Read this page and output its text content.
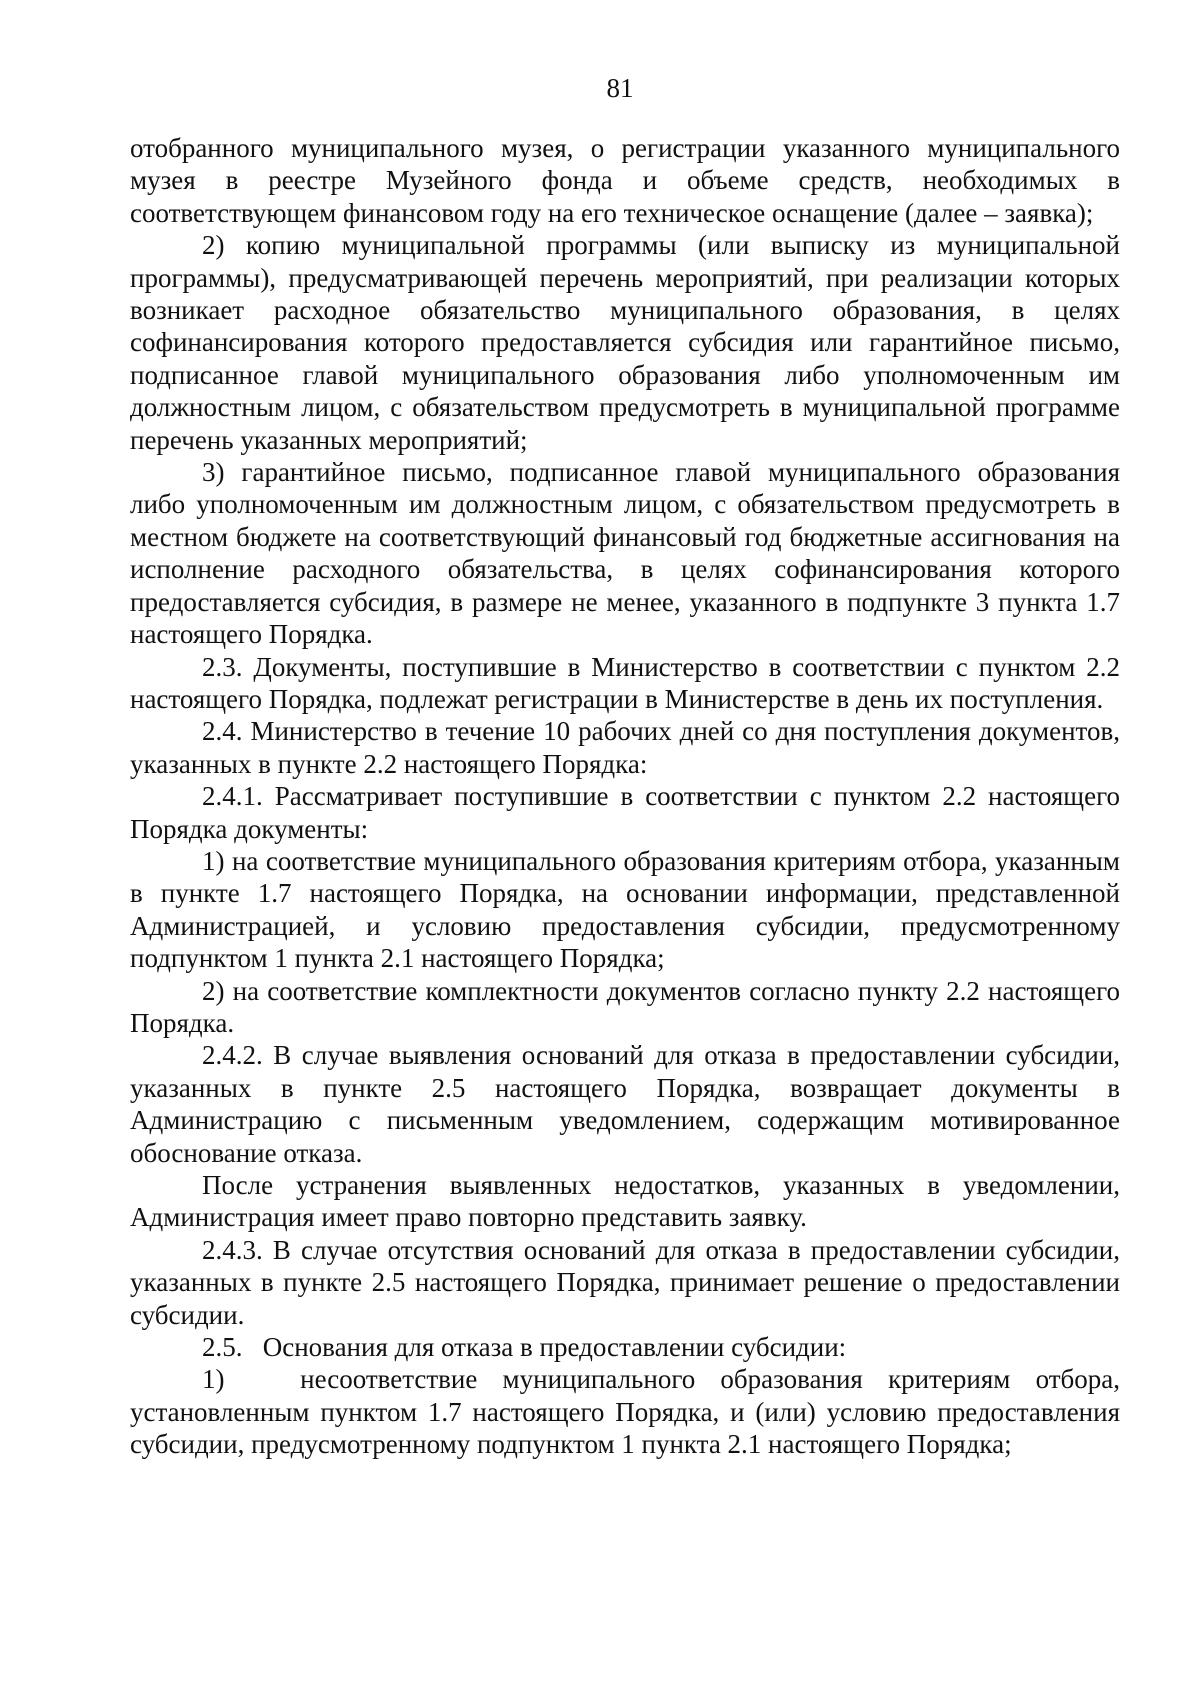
81

отобранного муниципального музея, о регистрации указанного муниципального музея в реестре Музейного фонда и объеме средств, необходимых в соответствующем финансовом году на его техническое оснащение (далее – заявка);

2) копию муниципальной программы (или выписку из муниципальной программы), предусматривающей перечень мероприятий, при реализации которых возникает расходное обязательство муниципального образования, в целях софинансирования которого предоставляется субсидия или гарантийное письмо, подписанное главой муниципального образования либо уполномоченным им должностным лицом, с обязательством предусмотреть в муниципальной программе перечень указанных мероприятий;

3) гарантийное письмо, подписанное главой муниципального образования либо уполномоченным им должностным лицом, с обязательством предусмотреть в местном бюджете на соответствующий финансовый год бюджетные ассигнования на исполнение расходного обязательства, в целях софинансирования которого предоставляется субсидия, в размере не менее, указанного в подпункте 3 пункта 1.7 настоящего Порядка.

2.3. Документы, поступившие в Министерство в соответствии с пунктом 2.2 настоящего Порядка, подлежат регистрации в Министерстве в день их поступления.

2.4. Министерство в течение 10 рабочих дней со дня поступления документов, указанных в пункте 2.2 настоящего Порядка:

2.4.1. Рассматривает поступившие в соответствии с пунктом 2.2 настоящего Порядка документы:

1) на соответствие муниципального образования критериям отбора, указанным в пункте 1.7 настоящего Порядка, на основании информации, представленной Администрацией, и условию предоставления субсидии, предусмотренному подпунктом 1 пункта 2.1 настоящего Порядка;

2) на соответствие комплектности документов согласно пункту 2.2 настоящего Порядка.

2.4.2. В случае выявления оснований для отказа в предоставлении субсидии, указанных в пункте 2.5 настоящего Порядка, возвращает документы в Администрацию с письменным уведомлением, содержащим мотивированное обоснование отказа.

После устранения выявленных недостатков, указанных в уведомлении, Администрация имеет право повторно представить заявку.

2.4.3. В случае отсутствия оснований для отказа в предоставлении субсидии, указанных в пункте 2.5 настоящего Порядка, принимает решение о предоставлении субсидии.

2.5.   Основания для отказа в предоставлении субсидии:

1)   несоответствие муниципального образования критериям отбора, установленным пунктом 1.7 настоящего Порядка, и (или) условию предоставления субсидии, предусмотренному подпунктом 1 пункта 2.1 настоящего Порядка;
